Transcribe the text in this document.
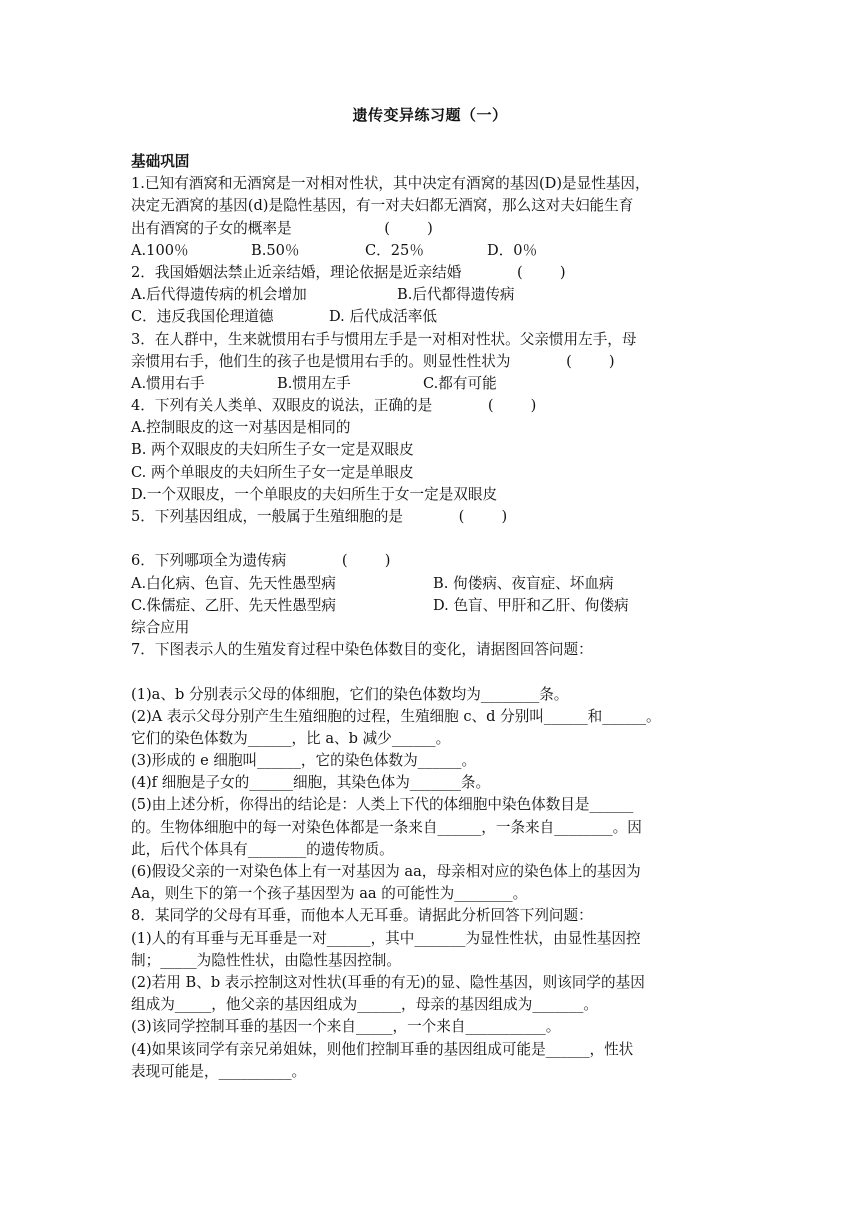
遗传变异练习题（一）
基础巩固
1.已知有酒窝和无酒窝是一对相对性状，其中决定有酒窝的基因(D)是显性基因，
决定无酒窝的基因(d)是隐性基因，有一对夫妇都无酒窝，那么这对夫妇能生育
出有酒窝的子女的概率是                    (        )
A.100％	B.50％	C．25％	D．0％
2．我国婚姻法禁止近亲结婚，理论依据是近亲结婚            (        )
A.后代得遗传病的机会增加	B.后代都得遗传病
C．违反我国伦理道德	D. 后代成活率低
3．在人群中，生来就惯用右手与惯用左手是一对相对性状。父亲惯用左手，母
亲惯用右手，他们生的孩子也是惯用右手的。则显性性状为            (        )
A.惯用右手	B.惯用左手	C.都有可能
4．下列有关人类单、双眼皮的说法，正确的是            (        )
A.控制眼皮的这一对基因是相同的
B. 两个双眼皮的夫妇所生子女一定是双眼皮
C. 两个单眼皮的夫妇所生子女一定是单眼皮
D.一个双眼皮，一个单眼皮的夫妇所生于女一定是双眼皮
5．下列基因组成，一般属于生殖细胞的是            (        )
6．下列哪项全为遗传病            (        )
A.白化病、色盲、先天性愚型病	B. 佝偻病、夜盲症、坏血病
C.侏儒症、乙肝、先天性愚型病	D. 色盲、甲肝和乙肝、佝偻病
综合应用
7．下图表示人的生殖发育过程中染色体数目的变化，请据图回答问题：
(1)a、b 分别表示父母的体细胞，它们的染色体数均为________条。
(2)A 表示父母分别产生生殖细胞的过程，生殖细胞 c、d 分别叫______和______。
它们的染色体数为______，比 a、b 减少______。
(3)形成的 e 细胞叫______，它的染色体数为______。
(4)f 细胞是子女的______细胞，其染色体为_______条。
(5)由上述分析，你得出的结论是：人类上下代的体细胞中染色体数目是______
的。生物体细胞中的每一对染色体都是一条来自______，一条来自________。因
此，后代个体具有________的遗传物质。
(6)假设父亲的一对染色体上有一对基因为 aa，母亲相对应的染色体上的基因为
Aa，则生下的第一个孩子基因型为 aa 的可能性为________。
8．某同学的父母有耳垂，而他本人无耳垂。请据此分析回答下列问题：
(1)人的有耳垂与无耳垂是一对______，其中_______为显性性状，由显性基因控
制；_____为隐性性状，由隐性基因控制。
(2)若用 B、b 表示控制这对性状(耳垂的有无)的显、隐性基因，则该同学的基因
组成为_____，他父亲的基因组成为______，母亲的基因组成为_______。
(3)该同学控制耳垂的基因一个来自_____，一个来自___________。
(4)如果该同学有亲兄弟姐妹，则他们控制耳垂的基因组成可能是______，性状
表现可能是，__________。
